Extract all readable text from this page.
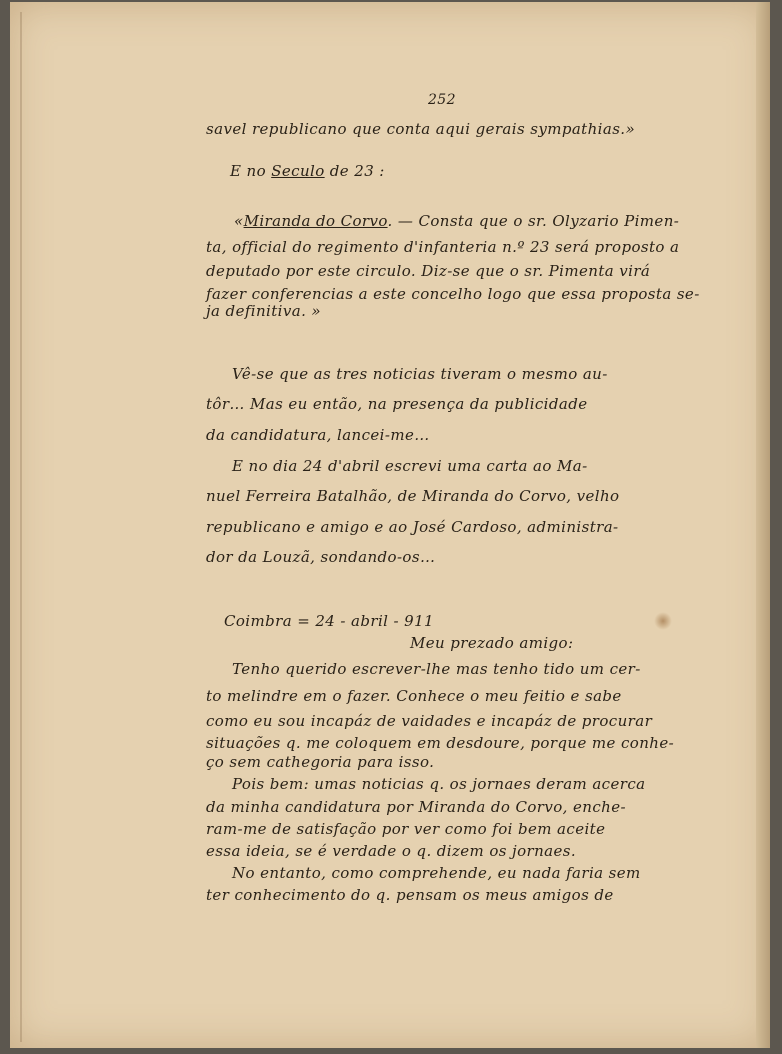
252
savel republicano que conta aqui gerais sympathias.»
E no Seculo de 23 :
«Miranda do Corvo. — Consta que o sr. Olyzario Pimen-
ta, official do regimento d'infanteria n.º 23 será proposto a
deputado por este circulo. Diz-se que o sr. Pimenta virá
fazer conferencias a este concelho logo que essa proposta se-
ja definitiva. »
Vê-se que as tres noticias tiveram o mesmo au-
tôr… Mas eu então, na presença da publicidade
da candidatura, lancei-me…
E no dia 24 d'abril escrevi uma carta ao Ma-
nuel Ferreira Batalhão, de Miranda do Corvo, velho
republicano e amigo e ao José Cardoso, administra-
dor da Louzã, sondando-os…
Coimbra = 24 - abril - 911
Meu prezado amigo:
Tenho querido escrever-lhe mas tenho tido um cer-
to melindre em o fazer. Conhece o meu feitio e sabe
como eu sou incapáz de vaidades e incapáz de procurar
situações q. me coloquem em desdoure, porque me conhe-
ço sem cathegoria para isso.
Pois bem: umas noticias q. os jornaes deram acerca
da minha candidatura por Miranda do Corvo, enche-
ram-me de satisfação por ver como foi bem aceite
essa ideia, se é verdade o q. dizem os jornaes.
No entanto, como comprehende, eu nada faria sem
ter conhecimento do q. pensam os meus amigos de
